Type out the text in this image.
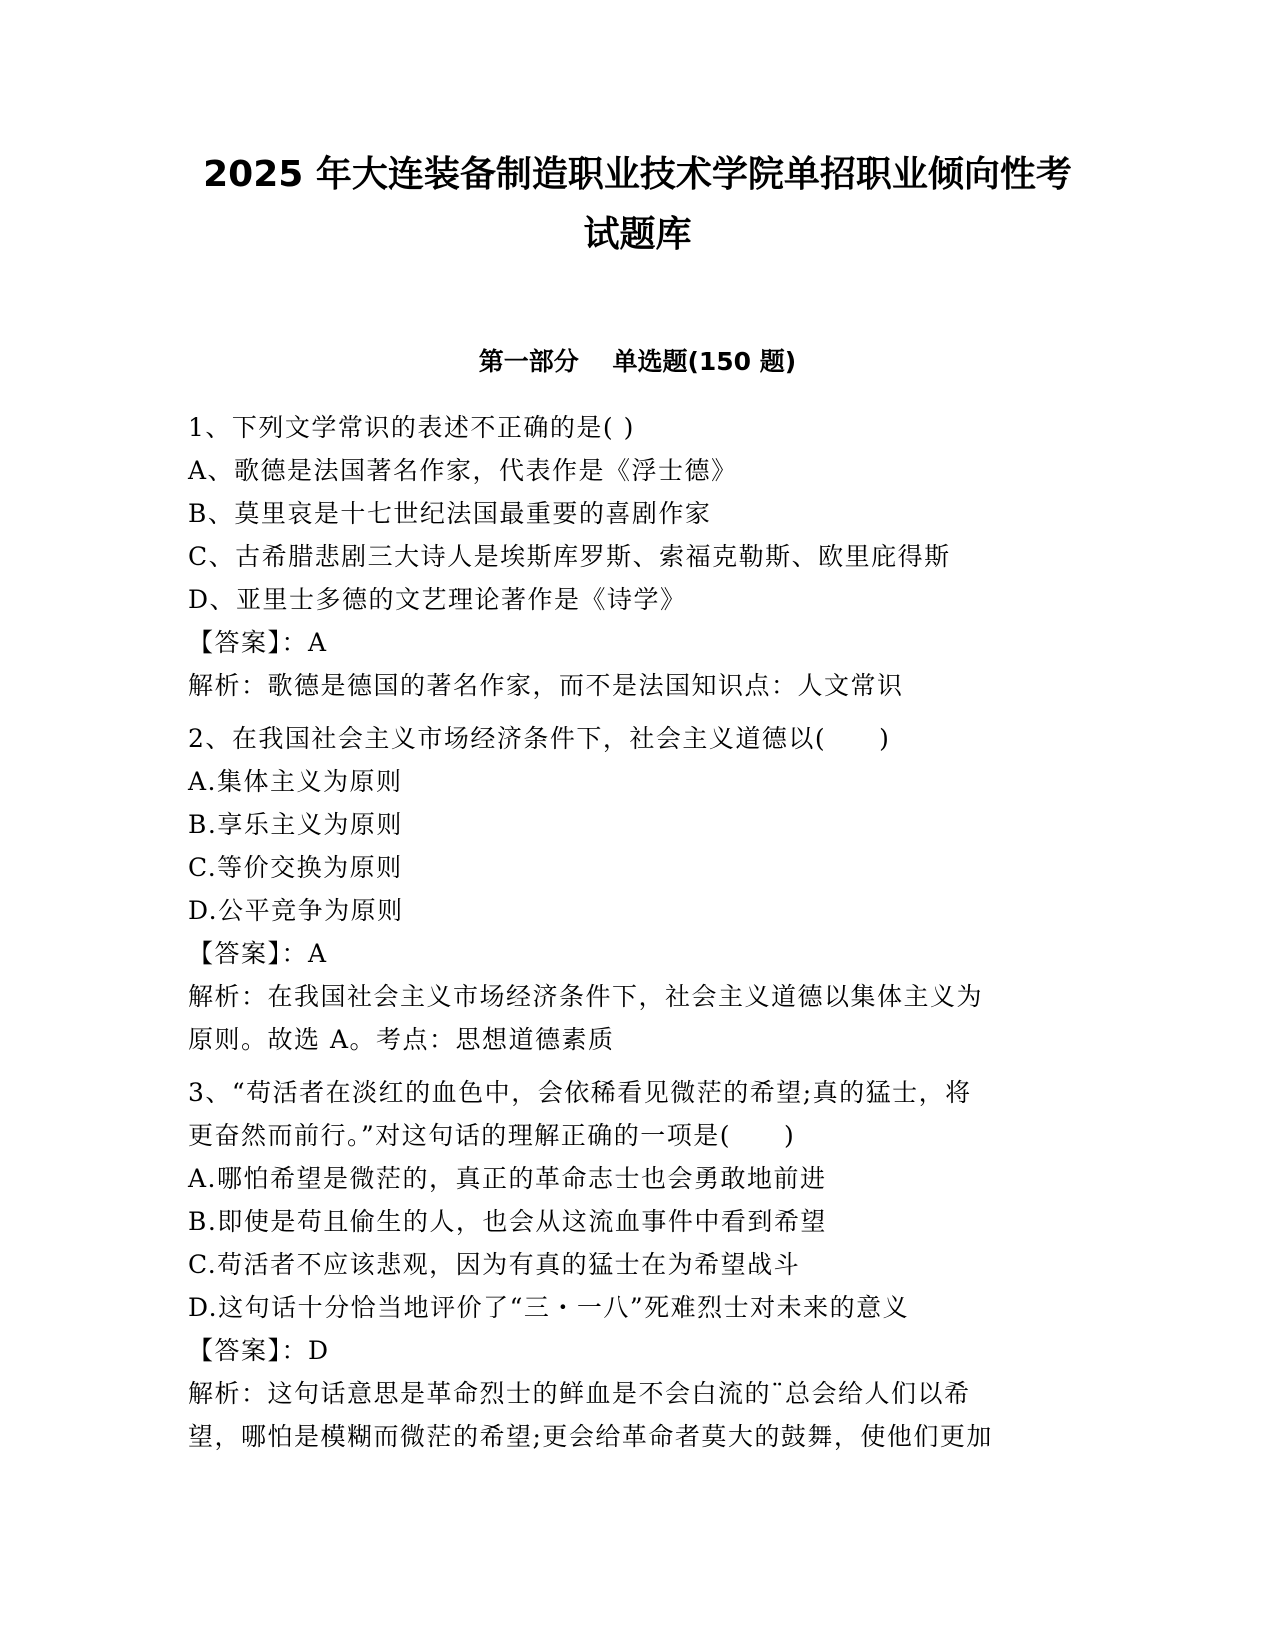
2025 年大连装备制造职业技术学院单招职业倾向性考
试题库
第一部分　 单选题(150 题)

1、下列文学常识的表述不正确的是( )

A、歌德是法国著名作家，代表作是《浮士德》

B、莫里哀是十七世纪法国最重要的喜剧作家

C、古希腊悲剧三大诗人是埃斯库罗斯、索福克勒斯、欧里庇得斯

D、亚里士多德的文艺理论著作是《诗学》

【答案】：A

解析：歌德是德国的著名作家，而不是法国知识点：人文常识

2、在我国社会主义市场经济条件下，社会主义道德以(　　)

A.集体主义为原则

B.享乐主义为原则

C.等价交换为原则

D.公平竞争为原则

【答案】：A

解析：在我国社会主义市场经济条件下，社会主义道德以集体主义为

原则。故选 A。考点：思想道德素质

3、“苟活者在淡红的血色中，会依稀看见微茫的希望;真的猛士，将

更奋然而前行。”对这句话的理解正确的一项是(　　)

A.哪怕希望是微茫的，真正的革命志士也会勇敢地前进

B.即使是苟且偷生的人，也会从这流血事件中看到希望

C.苟活者不应该悲观，因为有真的猛士在为希望战斗

D.这句话十分恰当地评价了“三・一八”死难烈士对未来的意义

【答案】：D

解析：这句话意思是革命烈士的鲜血是不会白流的¨总会给人们以希

望，哪怕是模糊而微茫的希望;更会给革命者莫大的鼓舞，使他们更加
